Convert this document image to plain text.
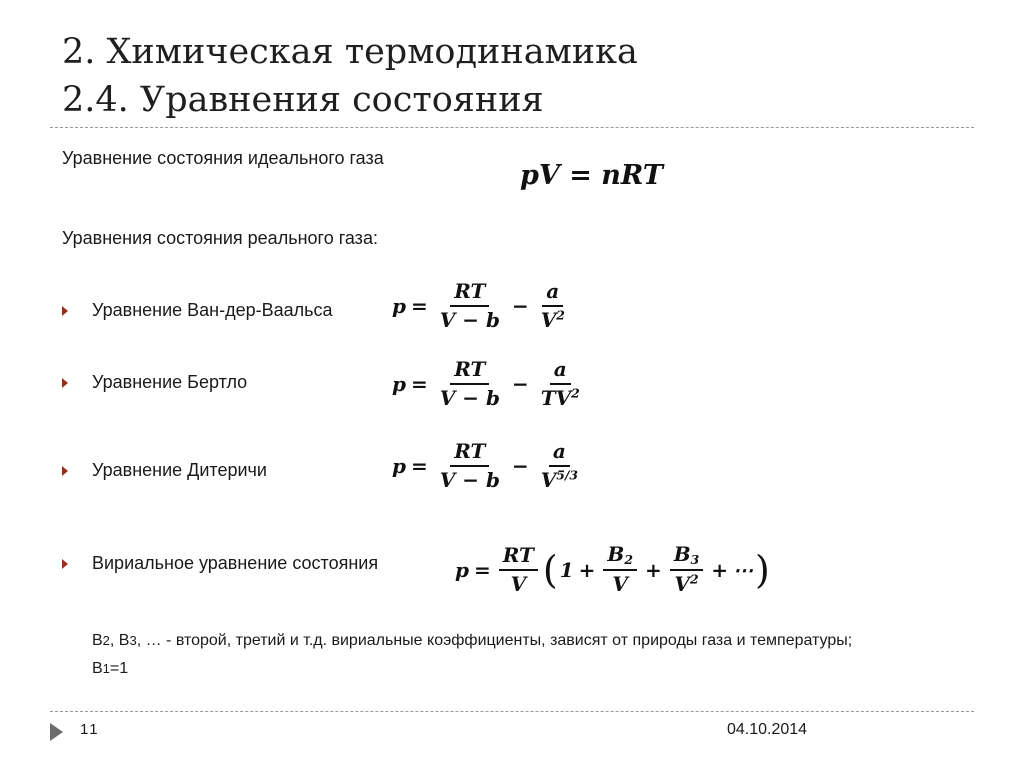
2. Химическая термодинамика
2.4. Уравнения состояния
Уравнение состояния идеального газа
pV = nRT
Уравнения состояния реального газа:
Уравнение Ван-дер-Ваальса	$p = \frac{RT}{V - b} - \frac{a}{V^2}$
Уравнение Бертло	$p = \frac{RT}{V - b} - \frac{a}{TV^2}$
Уравнение Дитеричи	$p = \frac{RT}{V - b} - \frac{a}{V^{5/3}}$
Вириальное уравнение состояния	$p = \frac{RT}{V}$ ( $1 + \frac{B_2}{V} + \frac{B_3}{V^2}$ + ⋯ )
B2, B3, … - второй, третий и т.д. вириальные коэффициенты, зависят от природы газа и температуры;
B1=1
11	04.10.2014
